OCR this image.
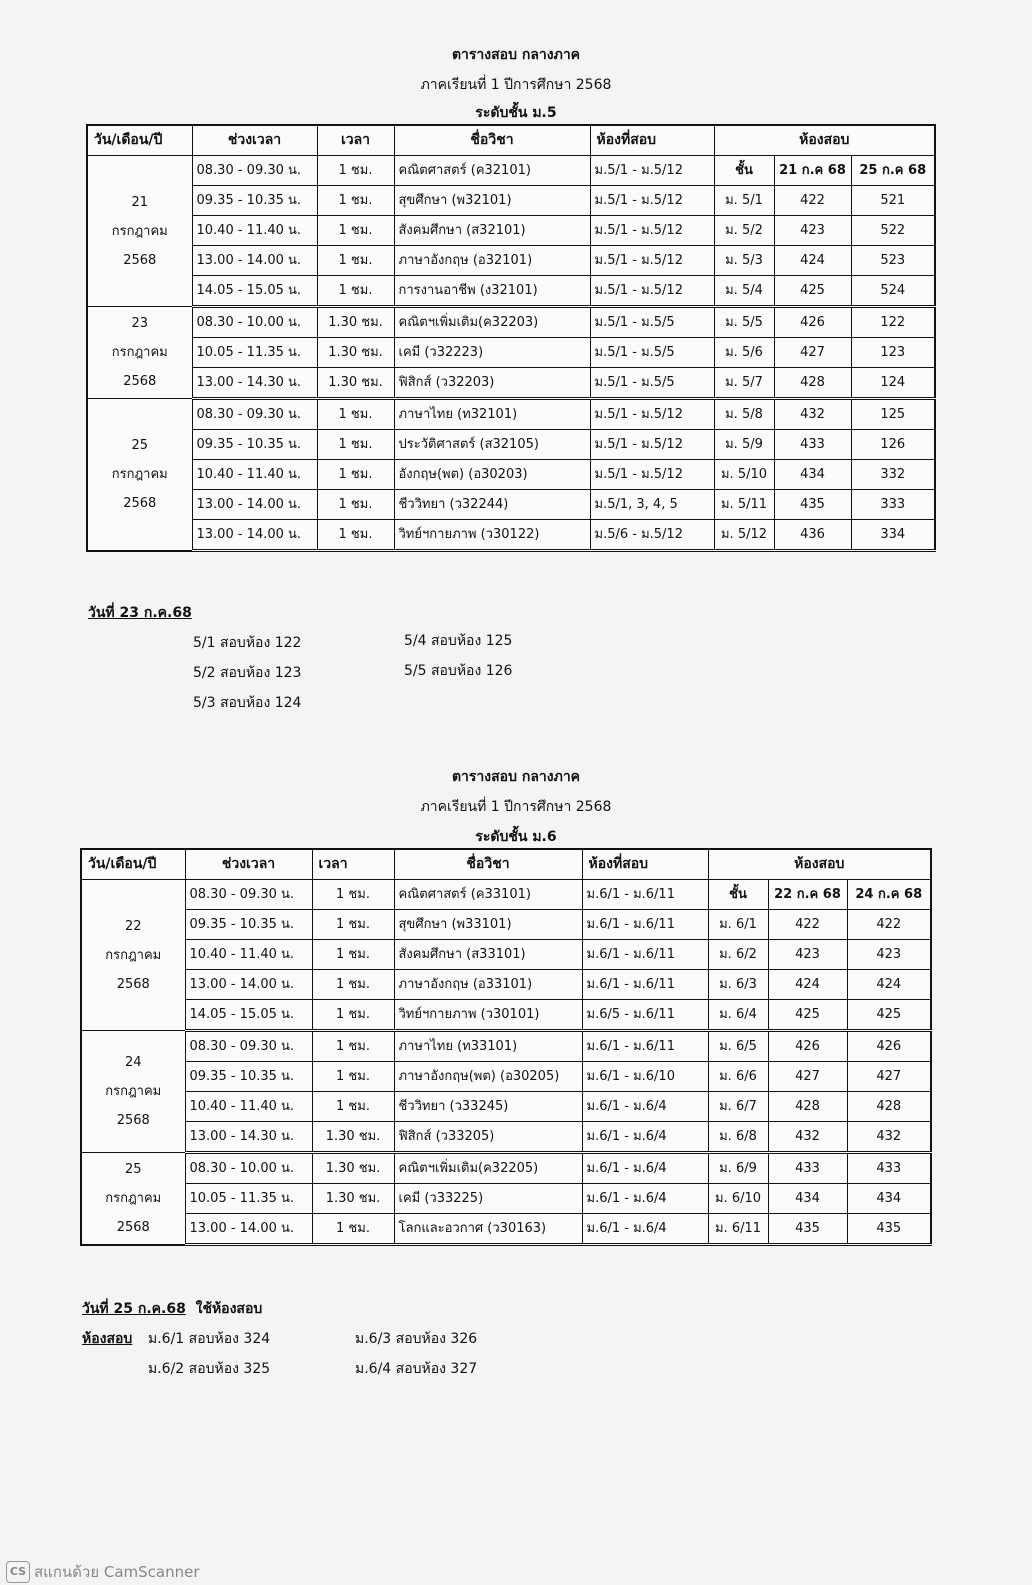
ตารางสอบ กลางภาค
ภาคเรียนที่ 1 ปีการศึกษา 2568
ระดับชั้น ม.5
วัน/เดือน/ปี	ช่วงเวลา	เวลา	ชื่อวิชา	ห้องที่สอบ	ห้องสอบ		

21
กรกฎาคม
2568	08.30 - 09.30 น.	1 ชม.	คณิตศาสตร์ (ค32101)	ม.5/1 - ม.5/12	ชั้น	21 ก.ค 68	25 ก.ค 68
	09.35 - 10.35 น.	1 ชม.	สุขศึกษา (พ32101)	ม.5/1 - ม.5/12	ม. 5/1	422	521
	10.40 - 11.40 น.	1 ชม.	สังคมศึกษา (ส32101)	ม.5/1 - ม.5/12	ม. 5/2	423	522
	13.00 - 14.00 น.	1 ชม.	ภาษาอังกฤษ (อ32101)	ม.5/1 - ม.5/12	ม. 5/3	424	523
	14.05 - 15.05 น.	1 ชม.	การงานอาชีพ (ง32101)	ม.5/1 - ม.5/12	ม. 5/4	425	524

23
กรกฎาคม
2568	08.30 - 10.00 น.	1.30 ชม.	คณิตฯเพิ่มเติม(ค32203)	ม.5/1 - ม.5/5	ม. 5/5	426	122
	10.05 - 11.35 น.	1.30 ชม.	เคมี (ว32223)	ม.5/1 - ม.5/5	ม. 5/6	427	123
	13.00 - 14.30 น.	1.30 ชม.	ฟิสิกส์ (ว32203)	ม.5/1 - ม.5/5	ม. 5/7	428	124

25
กรกฎาคม
2568	08.30 - 09.30 น.	1 ชม.	ภาษาไทย (ท32101)	ม.5/1 - ม.5/12	ม. 5/8	432	125
	09.35 - 10.35 น.	1 ชม.	ประวัติศาสตร์ (ส32105)	ม.5/1 - ม.5/12	ม. 5/9	433	126
	10.40 - 11.40 น.	1 ชม.	อังกฤษ(พต) (อ30203)	ม.5/1 - ม.5/12	ม. 5/10	434	332
	13.00 - 14.00 น.	1 ชม.	ชีววิทยา (ว32244)	ม.5/1, 3, 4, 5	ม. 5/11	435	333
	13.00 - 14.00 น.	1 ชม.	วิทย์ฯกายภาพ (ว30122)	ม.5/6 - ม.5/12	ม. 5/12	436	334
วันที่ 23 ก.ค.68
5/1 สอบห้อง 122
5/2 สอบห้อง 123
5/3 สอบห้อง 124
5/4 สอบห้อง 125
5/5 สอบห้อง 126
ตารางสอบ กลางภาค
ภาคเรียนที่ 1 ปีการศึกษา 2568
ระดับชั้น ม.6
วัน/เดือน/ปี	ช่วงเวลา	เวลา	ชื่อวิชา	ห้องที่สอบ	ห้องสอบ		

22
กรกฎาคม
2568	08.30 - 09.30 น.	1 ชม.	คณิตศาสตร์ (ค33101)	ม.6/1 - ม.6/11	ชั้น	22 ก.ค 68	24 ก.ค 68
	09.35 - 10.35 น.	1 ชม.	สุขศึกษา (พ33101)	ม.6/1 - ม.6/11	ม. 6/1	422	422
	10.40 - 11.40 น.	1 ชม.	สังคมศึกษา (ส33101)	ม.6/1 - ม.6/11	ม. 6/2	423	423
	13.00 - 14.00 น.	1 ชม.	ภาษาอังกฤษ (อ33101)	ม.6/1 - ม.6/11	ม. 6/3	424	424
	14.05 - 15.05 น.	1 ชม.	วิทย์ฯกายภาพ (ว30101)	ม.6/5 - ม.6/11	ม. 6/4	425	425

24
กรกฎาคม
2568	08.30 - 09.30 น.	1 ชม.	ภาษาไทย (ท33101)	ม.6/1 - ม.6/11	ม. 6/5	426	426
	09.35 - 10.35 น.	1 ชม.	ภาษาอังกฤษ(พต) (อ30205)	ม.6/1 - ม.6/10	ม. 6/6	427	427
	10.40 - 11.40 น.	1 ชม.	ชีววิทยา (ว33245)	ม.6/1 - ม.6/4	ม. 6/7	428	428
	13.00 - 14.30 น.	1.30 ชม.	ฟิสิกส์ (ว33205)	ม.6/1 - ม.6/4	ม. 6/8	432	432

25
กรกฎาคม
2568	08.30 - 10.00 น.	1.30 ชม.	คณิตฯเพิ่มเติม(ค32205)	ม.6/1 - ม.6/4	ม. 6/9	433	433
	10.05 - 11.35 น.	1.30 ชม.	เคมี (ว33225)	ม.6/1 - ม.6/4	ม. 6/10	434	434
	13.00 - 14.00 น.	1 ชม.	โลกและอวกาศ (ว30163)	ม.6/1 - ม.6/4	ม. 6/11	435	435
วันที่ 25 ก.ค.68 ใช้ห้องสอบ
ห้องสอบ ม.6/1 สอบห้อง 324
ม.6/2 สอบห้อง 325
ม.6/3 สอบห้อง 326
ม.6/4 สอบห้อง 327
CS สแกนด้วย CamScanner
